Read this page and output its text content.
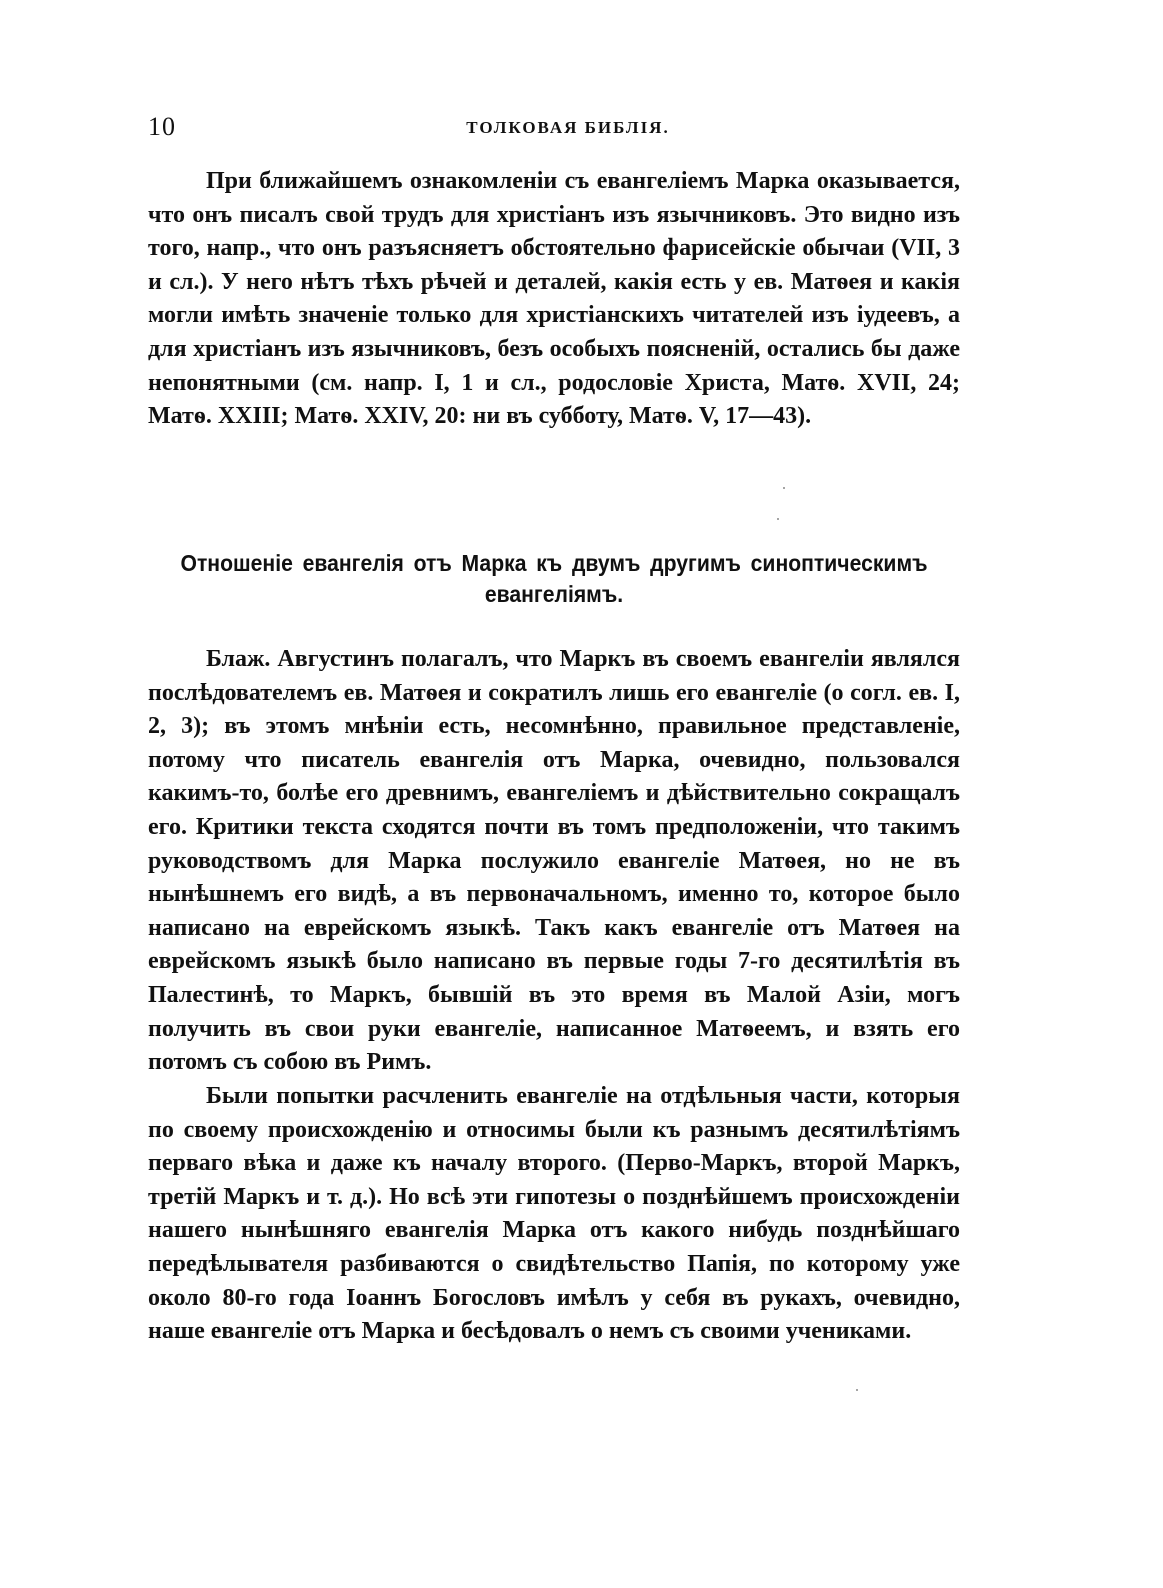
10	ТОЛКОВАЯ БИБЛІЯ.

При ближайшемъ ознакомленіи съ евангеліемъ Марка оказывается, что онъ писалъ свой трудъ для христіанъ изъ язычниковъ. Это видно изъ того, напр., что онъ разъясняетъ обстоятельно фарисейскіе обычаи (VII, 3 и сл.). У него нѣтъ тѣхъ рѣчей и деталей, какія есть у ев. Матѳея и какія могли имѣть значеніе только для христіанскихъ читателей изъ іудеевъ, а для христіанъ изъ язычниковъ, безъ особыхъ поясненій, остались бы даже непонятными (см. напр. I, 1 и сл., родословіе Христа, Матѳ. XVII, 24; Матѳ. XXIII; Матѳ. XXIV, 20: ни въ субботу, Матѳ. V, 17—43).

Отношеніе евангелія отъ Марка къ двумъ другимъ синоптическимъ
евангеліямъ.

Блаж. Августинъ полагалъ, что Маркъ въ своемъ евангеліи являлся послѣдователемъ ев. Матѳея и сократилъ лишь его евангеліе (о согл. ев. I, 2, 3); въ этомъ мнѣніи есть, несомнѣнно, правильное представленіе, потому что писатель евангелія отъ Марка, очевидно, пользовался какимъ-то, болѣе его древнимъ, евангеліемъ и дѣйствительно сокращалъ его. Критики текста сходятся почти въ томъ предположеніи, что такимъ руководствомъ для Марка послужило евангеліе Матѳея, но не въ нынѣшнемъ его видѣ, а въ первоначальномъ, именно то, которое было написано на еврейскомъ языкѣ. Такъ какъ евангеліе отъ Матѳея на еврейскомъ языкѣ было написано въ первые годы 7-го десятилѣтія въ Палестинѣ, то Маркъ, бывшій въ это время въ Малой Азіи, могъ получить въ свои руки евангеліе, написанное Матѳеемъ, и взять его потомъ съ собою въ Римъ.

Были попытки расчленить евангеліе на отдѣльныя части, которыя по своему происхожденію и относимы были къ разнымъ десятилѣтіямъ перваго вѣка и даже къ началу второго. (Перво-Маркъ, второй Маркъ, третій Маркъ и т. д.). Но всѣ эти гипотезы о позднѣйшемъ происхожденіи нашего нынѣшняго евангелія Марка отъ какого нибудь позднѣйшаго передѣлывателя разбиваются о свидѣтельство Папія, по которому уже около 80-го года Іоаннъ Богословъ имѣлъ у себя въ рукахъ, очевидно, наше евангеліе отъ Марка и бесѣдовалъ о немъ съ своими учениками.
